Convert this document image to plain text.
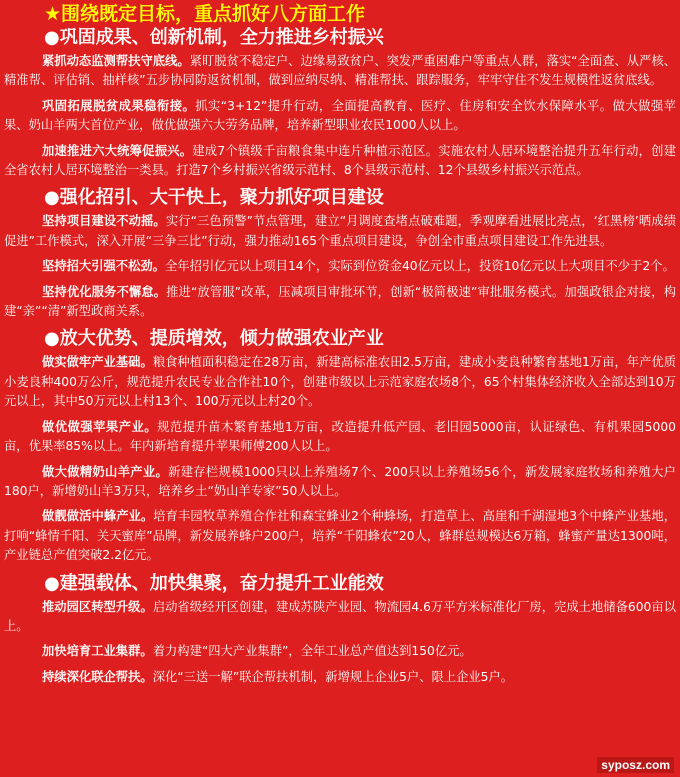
★围绕既定目标，重点抓好八方面工作
●巩固成果、创新机制，全力推进乡村振兴

紧抓动态监测帮扶守底线。紧盯脱贫不稳定户、边缘易致贫户、突发严重困难户等重点人群，落实“全面查、从严核、精准帮、评估销、抽样核”五步协同防返贫机制，做到应纳尽纳、精准帮扶、跟踪服务，牢牢守住不发生规模性返贫底线。

巩固拓展脱贫成果稳衔接。抓实“3+12”提升行动，全面提高教育、医疗、住房和安全饮水保障水平。做大做强苹果、奶山羊两大首位产业，做优做强六大劳务品牌，培养新型职业农民1000人以上。

加速推进六大统筹促振兴。建成7个镇级千亩粮食集中连片种植示范区。实施农村人居环境整治提升五年行动，创建全省农村人居环境整治一类县。打造7个乡村振兴省级示范村、8个县级示范村、12个县级乡村振兴示范点。

●强化招引、大干快上，聚力抓好项目建设

坚持项目建设不动摇。实行“三色预警”节点管理，建立“月调度查堵点破难题，季观摩看进展比亮点，‘红黑榜’晒成绩促进”工作模式，深入开展“三争三比”行动，强力推动165个重点项目建设，争创全市重点项目建设工作先进县。

坚持招大引强不松劲。全年招引亿元以上项目14个，实际到位资金40亿元以上，投资10亿元以上大项目不少于2个。

坚持优化服务不懈怠。推进“放管服”改革，压减项目审批环节，创新“极简极速”审批服务模式。加强政银企对接，构建“亲”“清”新型政商关系。

●放大优势、提质增效，倾力做强农业产业

做实做牢产业基础。粮食种植面积稳定在28万亩，新建高标准农田2.5万亩，建成小麦良种繁育基地1万亩，年产优质小麦良种400万公斤，规范提升农民专业合作社10个，创建市级以上示范家庭农场8个，65个村集体经济收入全部达到10万元以上，其中50万元以上村13个、100万元以上村20个。

做优做强苹果产业。规范提升苗木繁育基地1万亩，改造提升低产园、老旧园5000亩，认证绿色、有机果园5000亩，优果率85%以上。年内新培育提升苹果师傅200人以上。

做大做精奶山羊产业。新建存栏规模1000只以上养殖场7个、200只以上养殖场56个，新发展家庭牧场和养殖大户180户，新增奶山羊3万只，培养乡土“奶山羊专家”50人以上。

做靓做活中蜂产业。培育丰园牧草养殖合作社和森宝蜂业2个种蜂场，打造草上、高崖和千湖湿地3个中蜂产业基地，打响“蜂情千阳、关天蜜库”品牌，新发展养蜂户200户，培养“千阳蜂农”20人，蜂群总规模达6万箱，蜂蜜产量达1300吨，产业链总产值突破2.2亿元。

●建强载体、加快集聚，奋力提升工业能效

推动园区转型升级。启动省级经开区创建，建成苏陕产业园、物流园4.6万平方米标准化厂房，完成土地储备600亩以上。

加快培育工业集群。着力构建“四大产业集群”，全年工业总产值达到150亿元。

持续深化联企帮扶。深化“三送一解”联企帮扶机制，新增规上企业5户、限上企业5户。

syposz.com
